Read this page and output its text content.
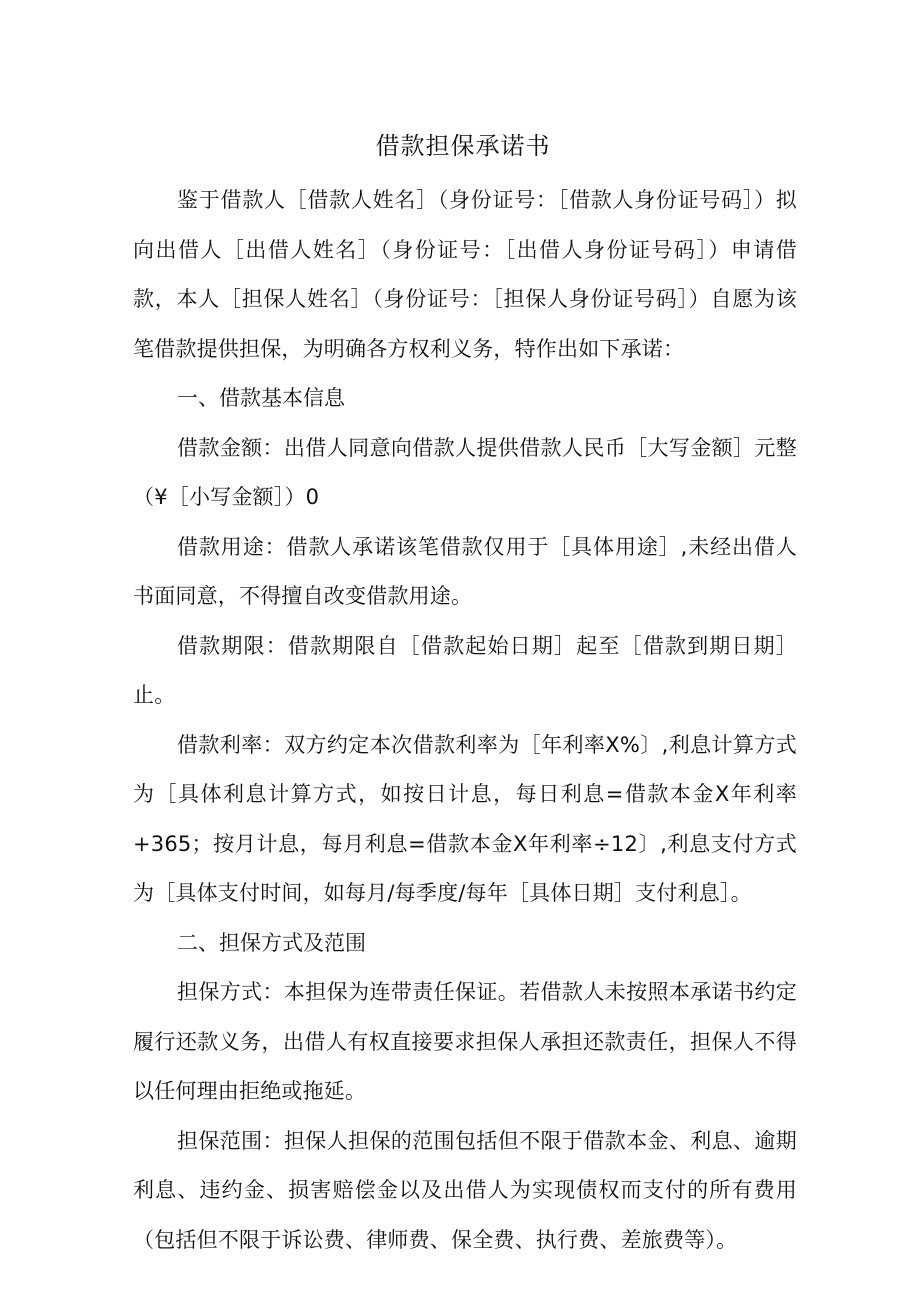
借款担保承诺书

鉴于借款人［借款人姓名］（身份证号：［借款人身份证号码］）拟向出借人［出借人姓名］（身份证号：［出借人身份证号码］）申请借款，本人［担保人姓名］（身份证号：［担保人身份证号码］）自愿为该笔借款提供担保，为明确各方权利义务，特作出如下承诺：

一、借款基本信息

借款金额：出借人同意向借款人提供借款人民币［大写金额］元整（¥［小写金额］）0

借款用途：借款人承诺该笔借款仅用于［具体用途］,未经出借人书面同意，不得擅自改变借款用途。

借款期限：借款期限自［借款起始日期］起至［借款到期日期］止。

借款利率：双方约定本次借款利率为［年利率X%〕,利息计算方式为［具体利息计算方式，如按日计息，每日利息=借款本金X年利率+365；按月计息，每月利息=借款本金X年利率÷12〕,利息支付方式为［具体支付时间，如每月/每季度/每年［具体日期］支付利息］。

二、担保方式及范围

担保方式：本担保为连带责任保证。若借款人未按照本承诺书约定履行还款义务，出借人有权直接要求担保人承担还款责任，担保人不得以任何理由拒绝或拖延。

担保范围：担保人担保的范围包括但不限于借款本金、利息、逾期利息、违约金、损害赔偿金以及出借人为实现债权而支付的所有费用（包括但不限于诉讼费、律师费、保全费、执行费、差旅费等）。
